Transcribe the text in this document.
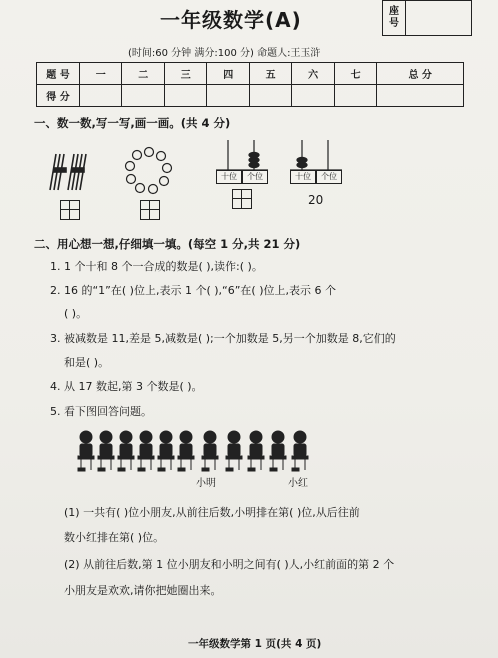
一年级数学(A)	座
号
(时间:60 分钟 满分:100 分) 命题人:王玉浒
题 号	一	二	三	四	五	六	七	总 分
得 分								
一、数一数,写一写,画一画。(共 4 分)
十位	个位	十位	个位
20
二、用心想一想,仔细填一填。(每空 1 分,共 21 分)
1. 1 个十和 8 个一合成的数是( ),读作:( )。
2. 16 的“1”在( )位上,表示 1 个( ),“6”在( )位上,表示 6 个
( )。
3. 被减数是 11,差是 5,减数是( );一个加数是 5,另一个加数是 8,它们的
和是( )。
4. 从 17 数起,第 3 个数是( )。
5. 看下图回答问题。
小明	小红
(1) 一共有( )位小朋友,从前往后数,小明排在第( )位,从后往前
数小红排在第( )位。
(2) 从前往后数,第 1 位小朋友和小明之间有( )人,小红前面的第 2 个
小朋友是欢欢,请你把她圈出来。
一年级数学第 1 页(共 4 页)
